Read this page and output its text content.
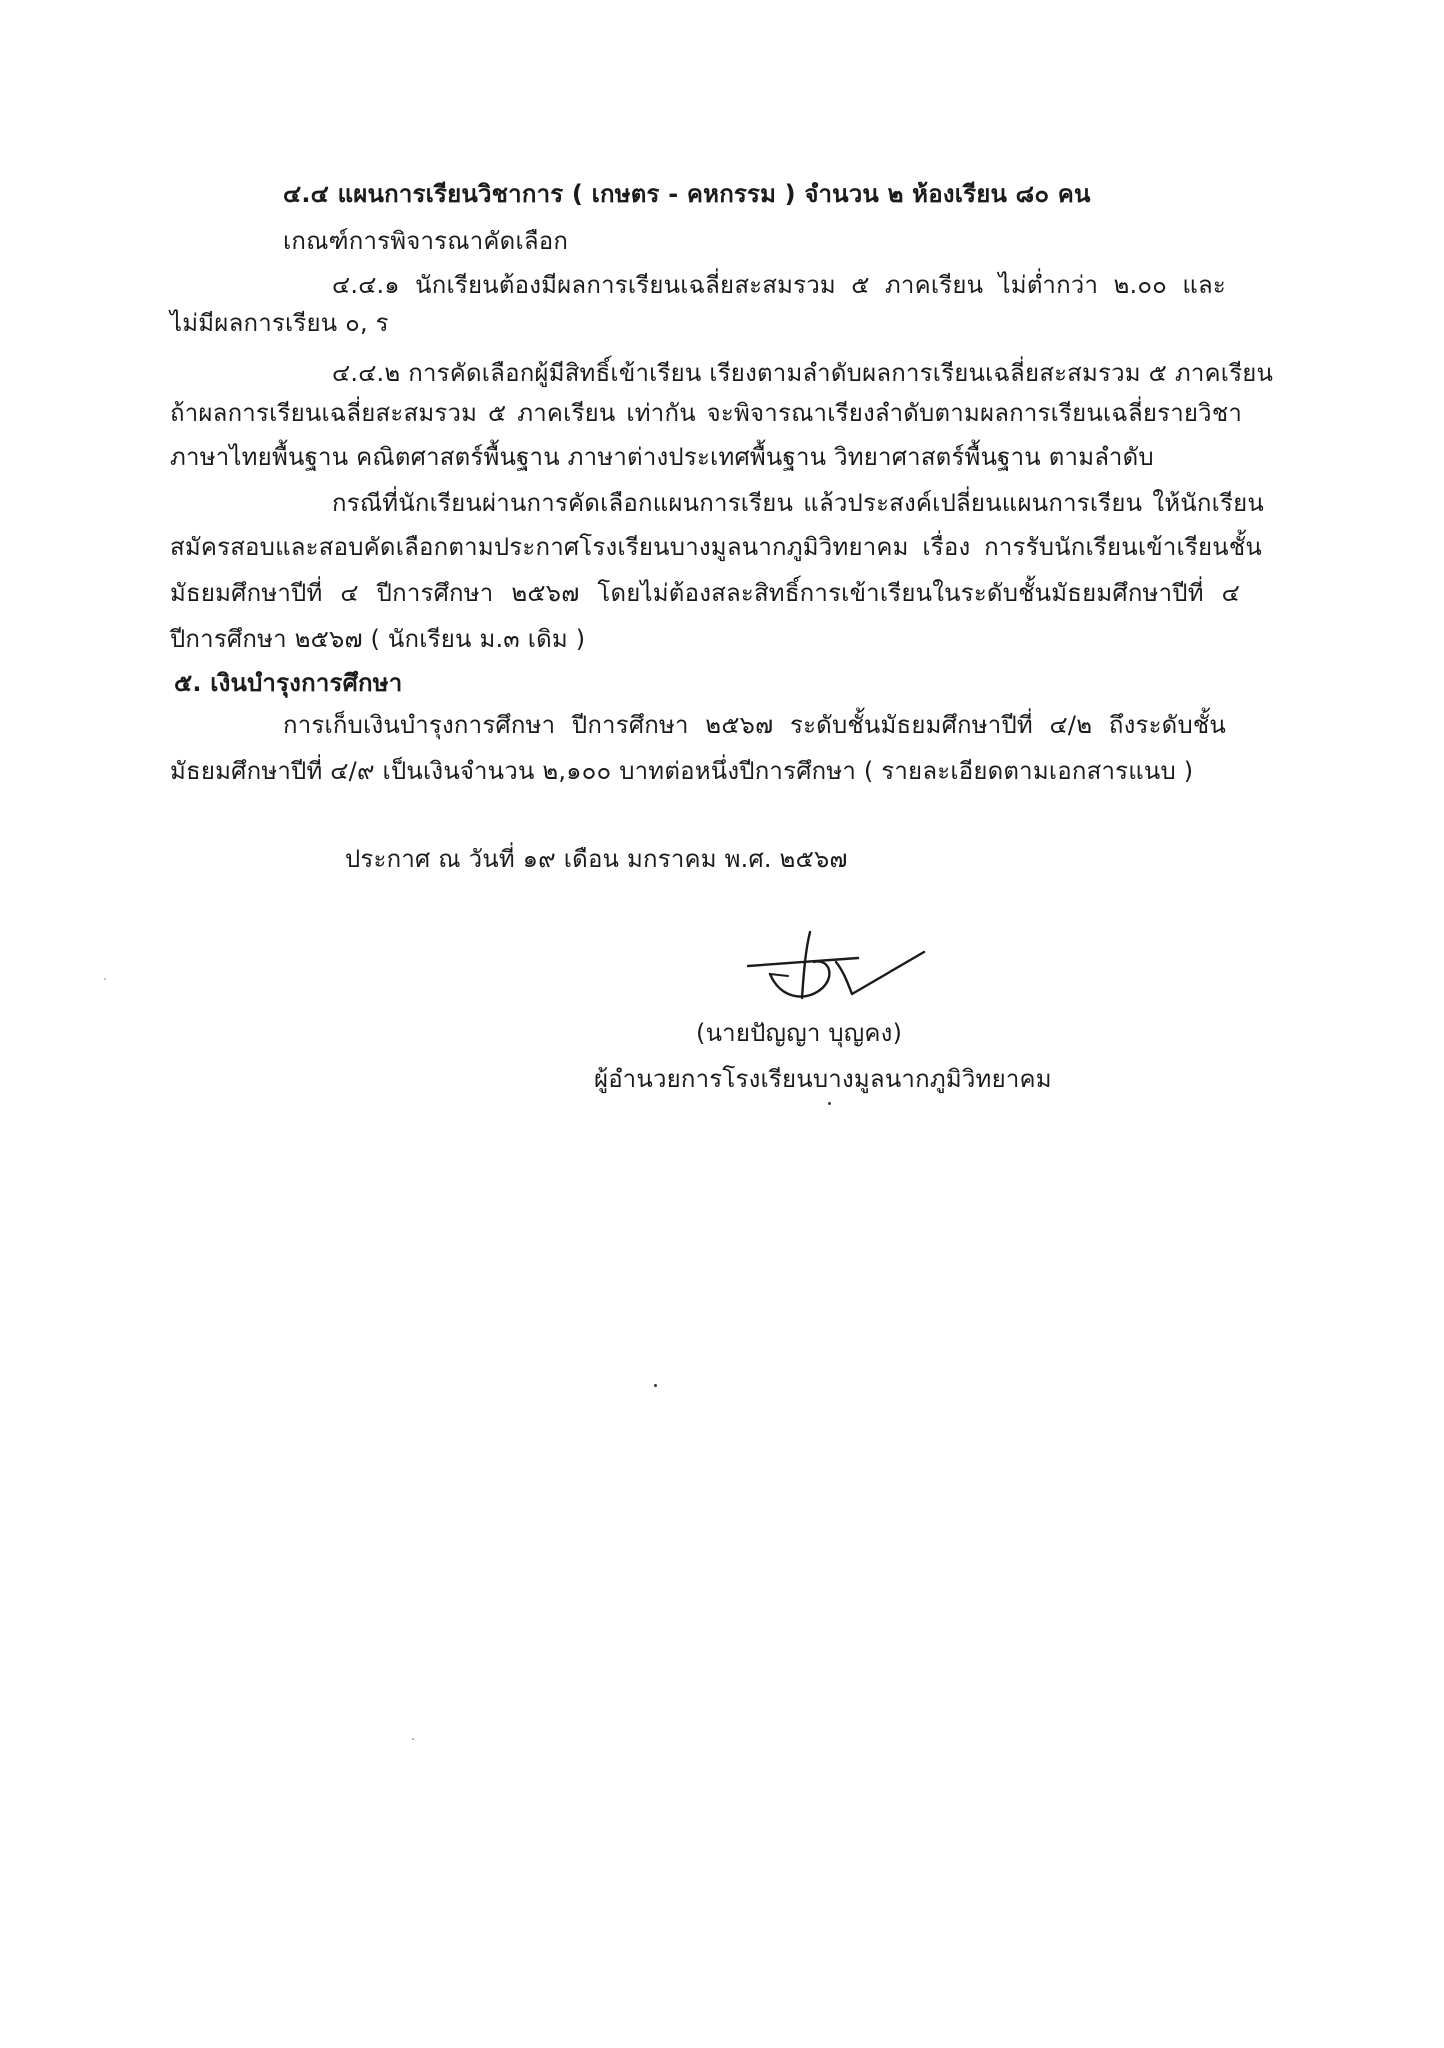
๔.๔ แผนการเรียนวิชาการ ( เกษตร - คหกรรม ) จำนวน ๒ ห้องเรียน ๘๐ คน
เกณฑ์การพิจารณาคัดเลือก
๔.๔.๑ นักเรียนต้องมีผลการเรียนเฉลี่ยสะสมรวม ๕ ภาคเรียน ไม่ต่ำกว่า ๒.๐๐ และ
ไม่มีผลการเรียน ๐, ร
๔.๔.๒ การคัดเลือกผู้มีสิทธิ์เข้าเรียน เรียงตามลำดับผลการเรียนเฉลี่ยสะสมรวม ๕ ภาคเรียน
ถ้าผลการเรียนเฉลี่ยสะสมรวม ๕ ภาคเรียน เท่ากัน จะพิจารณาเรียงลำดับตามผลการเรียนเฉลี่ยรายวิชา
ภาษาไทยพื้นฐาน คณิตศาสตร์พื้นฐาน ภาษาต่างประเทศพื้นฐาน วิทยาศาสตร์พื้นฐาน ตามลำดับ
กรณีที่นักเรียนผ่านการคัดเลือกแผนการเรียน แล้วประสงค์เปลี่ยนแผนการเรียน ให้นักเรียน
สมัครสอบและสอบคัดเลือกตามประกาศโรงเรียนบางมูลนากภูมิวิทยาคม เรื่อง การรับนักเรียนเข้าเรียนชั้น
มัธยมศึกษาปีที่ ๔ ปีการศึกษา ๒๕๖๗ โดยไม่ต้องสละสิทธิ์การเข้าเรียนในระดับชั้นมัธยมศึกษาปีที่ ๔
ปีการศึกษา ๒๕๖๗ ( นักเรียน ม.๓ เดิม )
๕. เงินบำรุงการศึกษา
การเก็บเงินบำรุงการศึกษา ปีการศึกษา ๒๕๖๗ ระดับชั้นมัธยมศึกษาปีที่ ๔/๒ ถึงระดับชั้น
มัธยมศึกษาปีที่ ๔/๙ เป็นเงินจำนวน ๒,๑๐๐ บาทต่อหนึ่งปีการศึกษา ( รายละเอียดตามเอกสารแนบ )
ประกาศ ณ วันที่ ๑๙ เดือน มกราคม พ.ศ. ๒๕๖๗
(นายปัญญา บุญคง)
ผู้อำนวยการโรงเรียนบางมูลนากภูมิวิทยาคม
